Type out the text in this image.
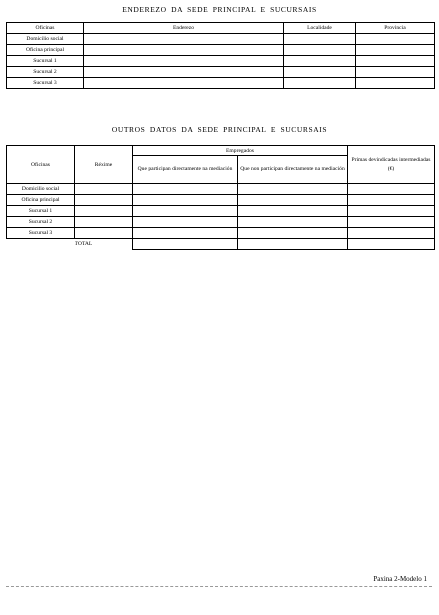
ENDEREZO DA SEDE PRINCIPAL E SUCURSAIS
Oficinas	Enderezo	Localidade	Provincia
Domicilio social			
Oficina principal			
Sucursal 1			
Sucursal 2			
Sucursal 3			
OUTROS DATOS DA SEDE PRINCIPAL E SUCURSAIS
Oficinas	Réxime	Empregados		Primas devindicadas intermediadas (€)
		Que participan directamente na mediación	Que non participan directamente na mediación	
Domicilio social				
Oficina principal				
Sucursal 1				
Sucursal 2				
Sucursal 3				
	TOTAL			
Paxina 2-Modelo 1
